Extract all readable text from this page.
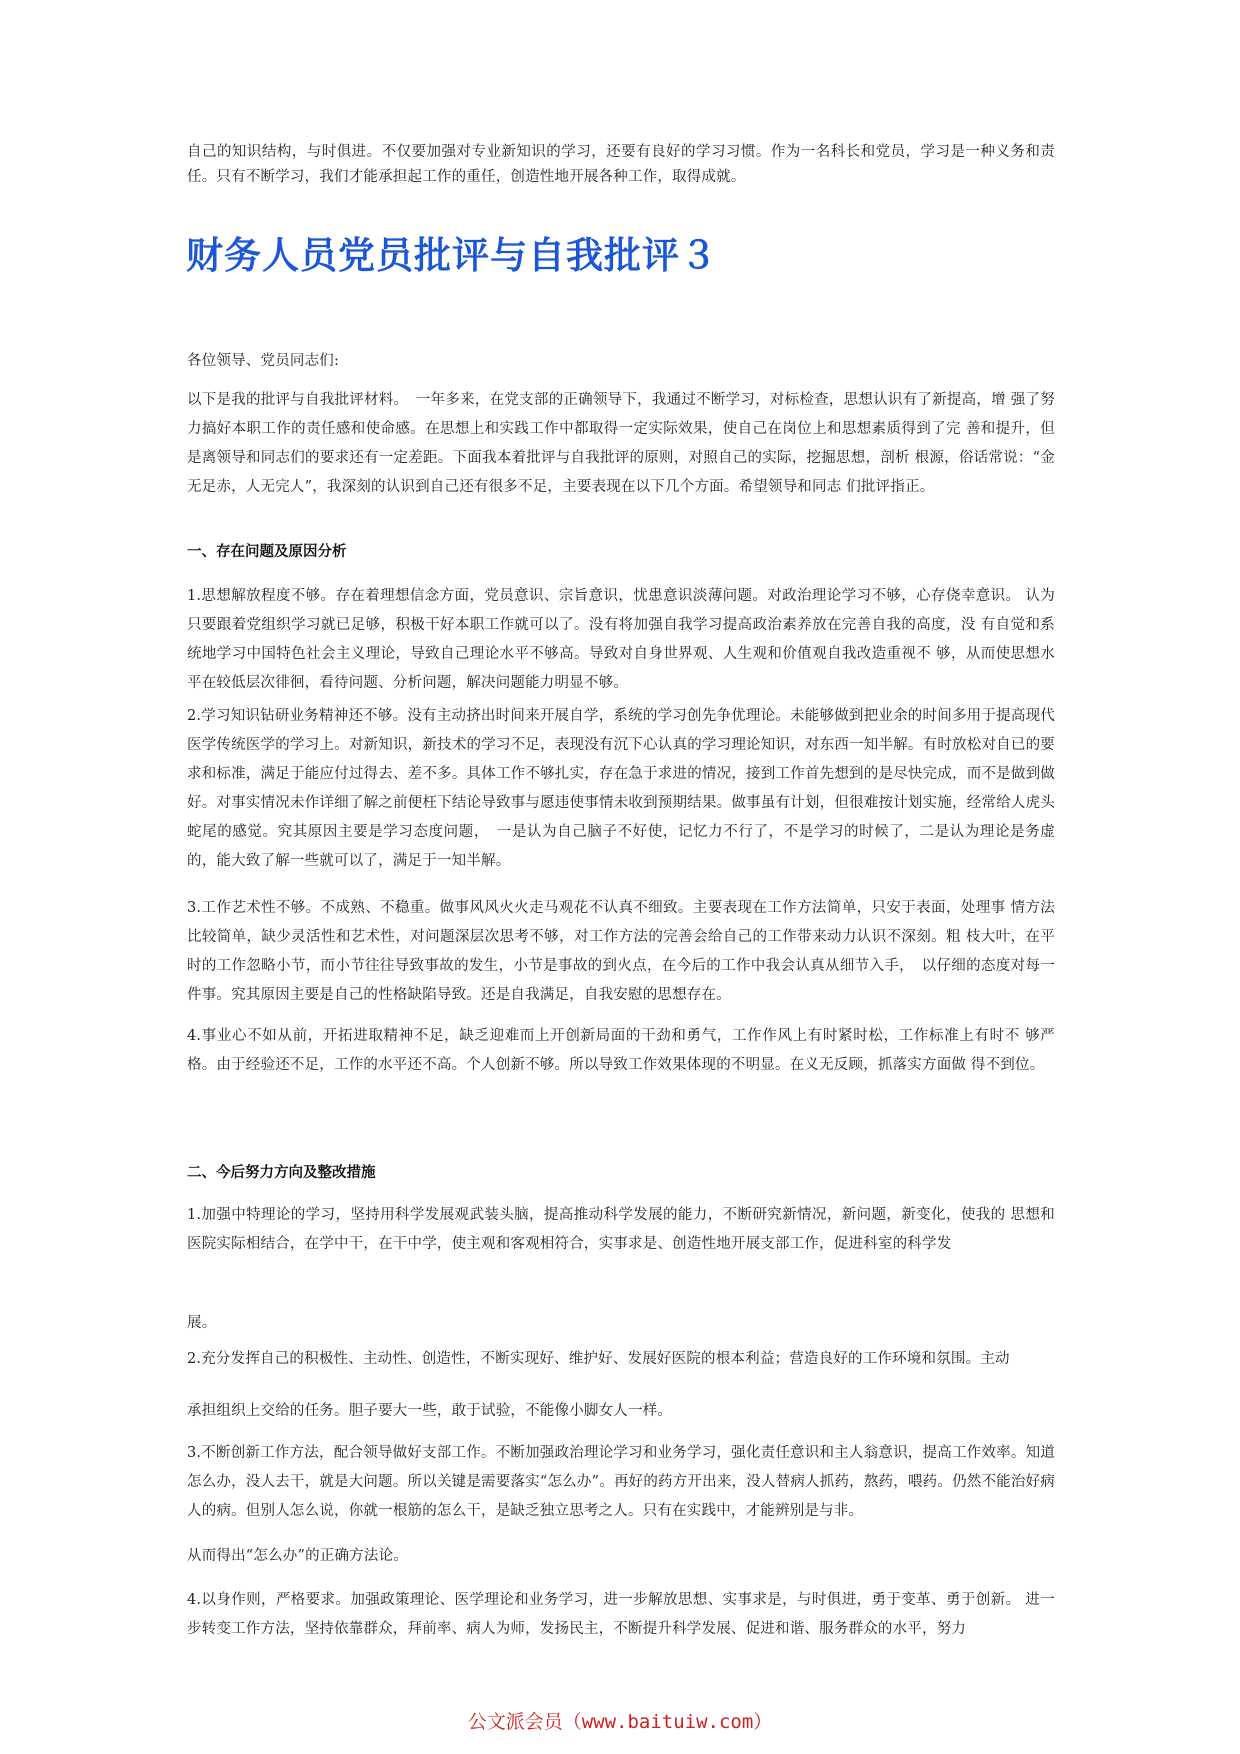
自己的知识结构，与时俱进。不仅要加强对专业新知识的学习，还要有良好的学习习惯。作为一名科长和党员，学习是一种义务和责任。只有不断学习，我们才能承担起工作的重任，创造性地开展各种工作，取得成就。

财务人员党员批评与自我批评３

各位领导、党员同志们:

以下是我的批评与自我批评材料。　一年多来，在党支部的正确领导下，我通过不断学习，对标检查，思想认识有了新提高，增 强了努力搞好本职工作的责任感和使命感。在思想上和实践工作中都取得一定实际效果，使自己在岗位上和思想素质得到了完 善和提升，但是离领导和同志们的要求还有一定差距。下面我本着批评与自我批评的原则，对照自己的实际，挖掘思想，剖析 根源，俗话常说：“金无足赤，人无完人”，我深刻的认识到自己还有很多不足，主要表现在以下几个方面。希望领导和同志 们批评指正。

一、存在问题及原因分析

1.思想解放程度不够。存在着理想信念方面，党员意识、宗旨意识，忧患意识淡薄问题。对政治理论学习不够，心存侥幸意识。 认为只要跟着党组织学习就已足够，积极干好本职工作就可以了。没有将加强自我学习提高政治素养放在完善自我的高度，没 有自觉和系统地学习中国特色社会主义理论，导致自己理论水平不够高。导致对自身世界观、人生观和价值观自我改造重视不 够，从而使思想水平在较低层次徘徊，看待问题、分析问题，解决问题能力明显不够。

2.学习知识钻研业务精神还不够。没有主动挤出时间来开展自学，系统的学习创先争优理论。未能够做到把业余的时间多用于提高现代医学传统医学的学习上。对新知识，新技术的学习不足，表现没有沉下心认真的学习理论知识，对东西一知半解。有时放松对自已的要求和标准，满足于能应付过得去、差不多。具体工作不够扎实，存在急于求进的情况，接到工作首先想到的是尽快完成，而不是做到做好。对事实情况未作详细了解之前便枉下结论导致事与愿违使事情未收到预期结果。做事虽有计划，但很难按计划实施，经常给人虎头蛇尾的感觉。究其原因主要是学习态度问题，　一是认为自己脑子不好使，记忆力不行了，不是学习的时候了，二是认为理论是务虚的，能大致了解一些就可以了，满足于一知半解。

3.工作艺术性不够。不成熟、不稳重。做事风风火火走马观花不认真不细致。主要表现在工作方法简单，只安于表面，处理事 情方法比较简单，缺少灵活性和艺术性，对问题深层次思考不够，对工作方法的完善会给自己的工作带来动力认识不深刻。粗 枝大叶，在平时的工作忽略小节，而小节往往导致事故的发生，小节是事故的到火点，在今后的工作中我会认真从细节入手，　以仔细的态度对每一件事。究其原因主要是自己的性格缺陷导致。还是自我满足，自我安慰的思想存在。

4.事业心不如从前，开拓进取精神不足，缺乏迎难而上开创新局面的干劲和勇气，工作作风上有时紧时松，工作标准上有时不 够严格。由于经验还不足，工作的水平还不高。个人创新不够。所以导致工作效果体现的不明显。在义无反顾，抓落实方面做 得不到位。

二、今后努力方向及整改措施

1.加强中特理论的学习，坚持用科学发展观武装头脑，提高推动科学发展的能力，不断研究新情况，新问题，新变化，使我的 思想和医院实际相结合，在学中干，在干中学，使主观和客观相符合，实事求是、创造性地开展支部工作，促进科室的科学发

展。

2.充分发挥自己的积极性、主动性、创造性，不断实现好、维护好、发展好医院的根本利益；营造良好的工作环境和氛围。主动

承担组织上交给的任务。胆子要大一些，敢于试验，不能像小脚女人一样。

3.不断创新工作方法，配合领导做好支部工作。不断加强政治理论学习和业务学习，强化责任意识和主人翁意识，提高工作效率。知道怎么办，没人去干，就是大问题。所以关键是需要落实“怎么办”。再好的药方开出来，没人替病人抓药，熬药，喂药。仍然不能治好病人的病。但别人怎么说，你就一根筋的怎么干，是缺乏独立思考之人。只有在实践中，才能辨别是与非。

从而得出“怎么办”的正确方法论。

4.以身作则，严格要求。加强政策理论、医学理论和业务学习，进一步解放思想、实事求是，与时俱进，勇于变革、勇于创新。 进一步转变工作方法，坚持依靠群众，拜前率、病人为师，发扬民主，不断提升科学发展、促进和谐、服务群众的水平，努力

公文派会员（www.baituiw.com）
